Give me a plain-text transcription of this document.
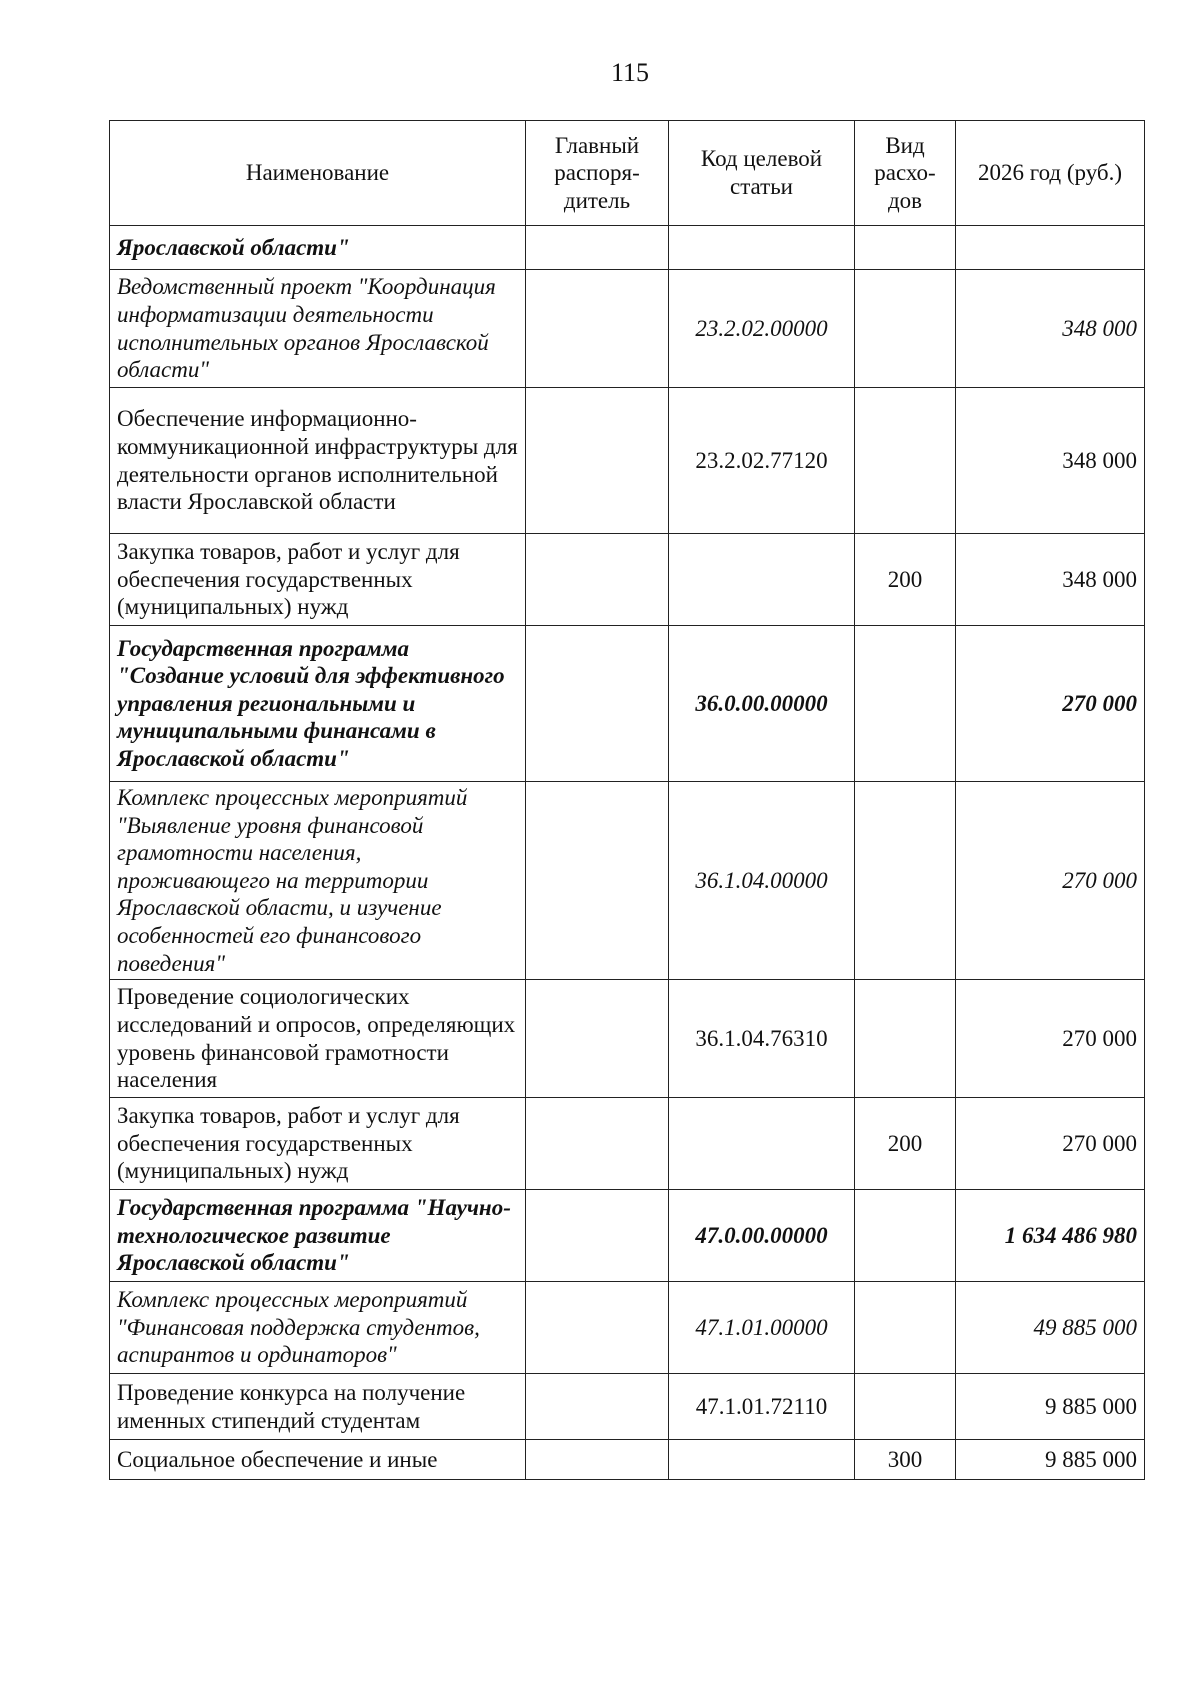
115
Наименование	Главный распоря-дитель	Код целевой статьи	Вид расхо-дов	2026 год (руб.)
Ярославской области"				
Ведомственный проект "Координация информатизации деятельности исполнительных органов Ярославской области"		23.2.02.00000		348 000
Обеспечение информационно-коммуникационной инфраструктуры для деятельности органов исполнительной власти Ярославской области		23.2.02.77120		348 000
Закупка товаров, работ и услуг для обеспечения государственных (муниципальных) нужд			200	348 000
Государственная программа "Создание условий для эффективного управления региональными и муниципальными финансами в Ярославской области"		36.0.00.00000		270 000
Комплекс процессных мероприятий "Выявление уровня финансовой грамотности населения, проживающего на территории Ярославской области, и изучение особенностей его финансового поведения"		36.1.04.00000		270 000
Проведение социологических исследований и опросов, определяющих уровень финансовой грамотности населения		36.1.04.76310		270 000
Закупка товаров, работ и услуг для обеспечения государственных (муниципальных) нужд			200	270 000
Государственная программа "Научно-технологическое развитие Ярославской области"		47.0.00.00000		1 634 486 980
Комплекс процессных мероприятий "Финансовая поддержка студентов, аспирантов и ординаторов"		47.1.01.00000		49 885 000
Проведение конкурса на получение именных стипендий студентам		47.1.01.72110		9 885 000
Социальное обеспечение и иные			300	9 885 000
